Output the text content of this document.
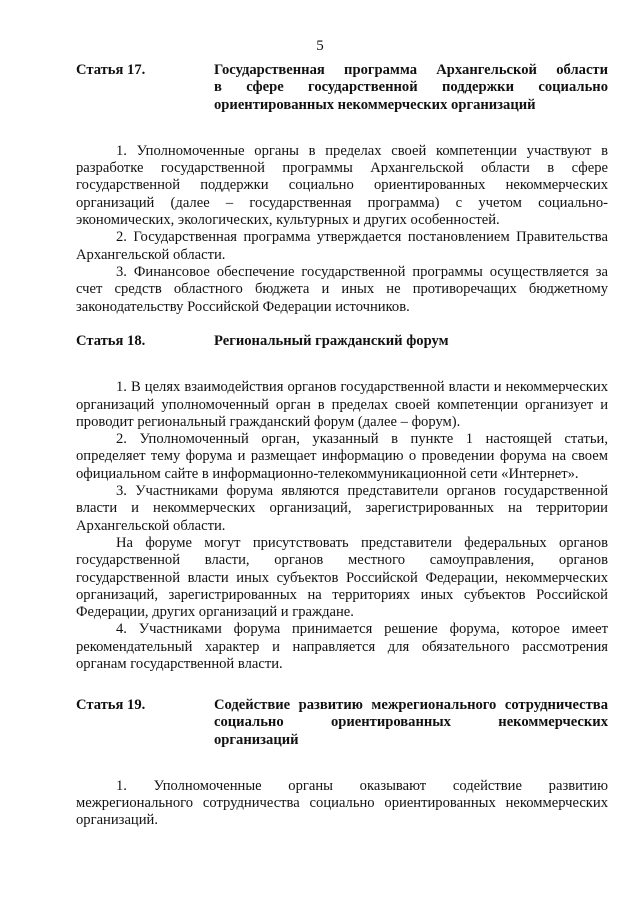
5
Статья 17.	Государственная программа Архангельской области
в сфере государственной поддержки социально
ориентированных некоммерческих организаций

1. Уполномоченные органы в пределах своей компетенции участвуют в разработке государственной программы Архангельской области в сфере государственной поддержки социально ориентированных некоммерческих организаций (далее – государственная программа) с учетом социально-экономических, экологических, культурных и других особенностей.

2. Государственная программа утверждается постановлением Правительства Архангельской области.

3. Финансовое обеспечение государственной программы осуществляется за счет средств областного бюджета и иных не противоречащих бюджетному законодательству Российской Федерации источников.

Статья 18.	Региональный гражданский форум

1. В целях взаимодействия органов государственной власти и некоммерческих организаций уполномоченный орган в пределах своей компетенции организует и проводит региональный гражданский форум (далее – форум).

2. Уполномоченный орган, указанный в пункте 1 настоящей статьи, определяет тему форума и размещает информацию о проведении форума на своем официальном сайте в информационно-телекоммуникационной сети «Интернет».

3. Участниками форума являются представители органов государственной власти и некоммерческих организаций, зарегистрированных на территории Архангельской области.

На форуме могут присутствовать представители федеральных органов государственной власти, органов местного самоуправления, органов государственной власти иных субъектов Российской Федерации, некоммерческих организаций, зарегистрированных на территориях иных субъектов Российской Федерации, других организаций и граждане.

4. Участниками форума принимается решение форума, которое имеет рекомендательный характер и направляется для обязательного рассмотрения органам государственной власти.

Статья 19.	Содействие развитию межрегионального сотрудничества
социально ориентированных некоммерческих
организаций

1. Уполномоченные органы оказывают содействие развитию межрегионального сотрудничества социально ориентированных некоммерческих организаций.
